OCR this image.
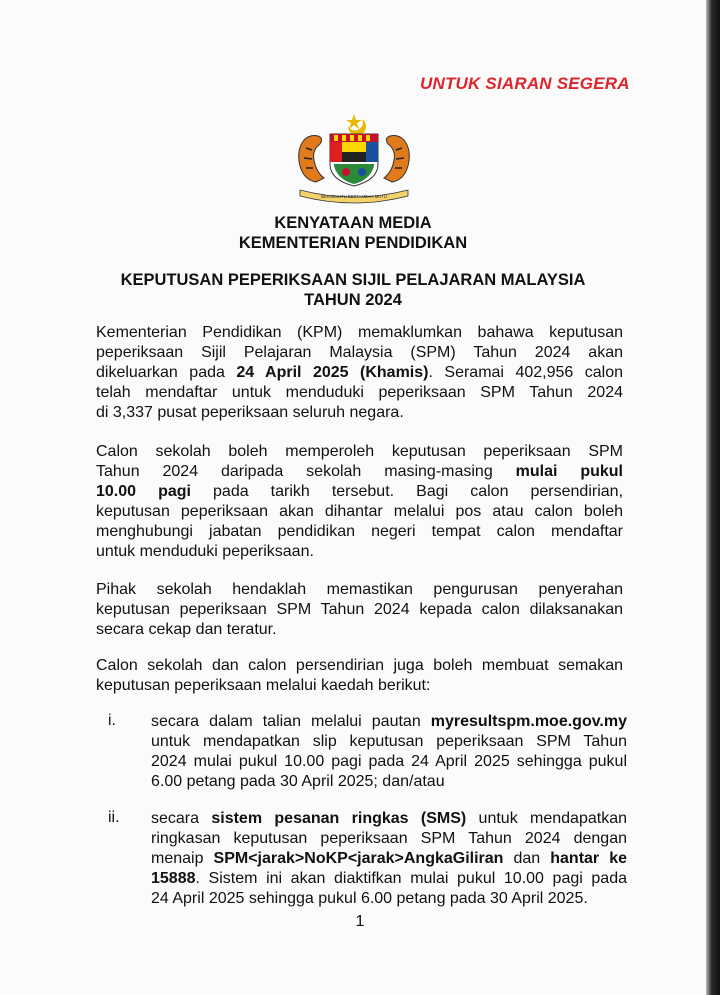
UNTUK SIARAN SEGERA
BERSEKUTU BERTAMBAH MUTU
KENYATAAN MEDIA
KEMENTERIAN PENDIDIKAN
KEPUTUSAN PEPERIKSAAN SIJIL PELAJARAN MALAYSIA
TAHUN 2024
Kementerian Pendidikan (KPM) memaklumkan bahawa keputusan
peperiksaan Sijil Pelajaran Malaysia (SPM) Tahun 2024 akan
dikeluarkan pada 24 April 2025 (Khamis). Seramai 402,956 calon
telah mendaftar untuk menduduki peperiksaan SPM Tahun 2024
di 3,337 pusat peperiksaan seluruh negara.
Calon sekolah boleh memperoleh keputusan peperiksaan SPM
Tahun 2024 daripada sekolah masing-masing mulai pukul
10.00 pagi pada tarikh tersebut. Bagi calon persendirian,
keputusan peperiksaan akan dihantar melalui pos atau calon boleh
menghubungi jabatan pendidikan negeri tempat calon mendaftar
untuk menduduki peperiksaan.
Pihak sekolah hendaklah memastikan pengurusan penyerahan
keputusan peperiksaan SPM Tahun 2024 kepada calon dilaksanakan
secara cekap dan teratur.
Calon sekolah dan calon persendirian juga boleh membuat semakan
keputusan peperiksaan melalui kaedah berikut:
i. secara dalam talian melalui pautan myresultspm.moe.gov.my
untuk mendapatkan slip keputusan peperiksaan SPM Tahun
2024 mulai pukul 10.00 pagi pada 24 April 2025 sehingga pukul
6.00 petang pada 30 April 2025; dan/atau
ii. secara sistem pesanan ringkas (SMS) untuk mendapatkan
ringkasan keputusan peperiksaan SPM Tahun 2024 dengan
menaip SPM<jarak>NoKP<jarak>AngkaGiliran dan hantar ke
15888. Sistem ini akan diaktifkan mulai pukul 10.00 pagi pada
24 April 2025 sehingga pukul 6.00 petang pada 30 April 2025.
1
